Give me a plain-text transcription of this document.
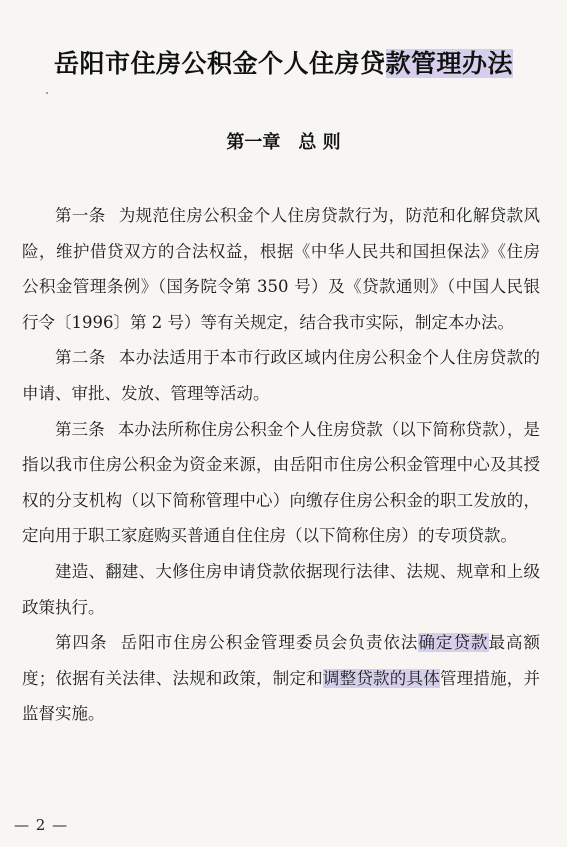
岳阳市住房公积金个人住房贷款管理办法
第一章 总 则

第一条 为规范住房公积金个人住房贷款行为，防范和化解贷款风险，维护借贷双方的合法权益，根据《中华人民共和国担保法》《住房公积金管理条例》（国务院令第 350 号）及《贷款通则》（中国人民银行令〔1996〕第 2 号）等有关规定，结合我市实际，制定本办法。

第二条 本办法适用于本市行政区域内住房公积金个人住房贷款的申请、审批、发放、管理等活动。

第三条 本办法所称住房公积金个人住房贷款（以下简称贷款），是指以我市住房公积金为资金来源，由岳阳市住房公积金管理中心及其授权的分支机构（以下简称管理中心）向缴存住房公积金的职工发放的，定向用于职工家庭购买普通自住住房（以下简称住房）的专项贷款。

建造、翻建、大修住房申请贷款依据现行法律、法规、规章和上级政策执行。

第四条 岳阳市住房公积金管理委员会负责依法确定贷款最高额度；依据有关法律、法规和政策，制定和调整贷款的具体管理措施，并监督实施。

— 2 —
